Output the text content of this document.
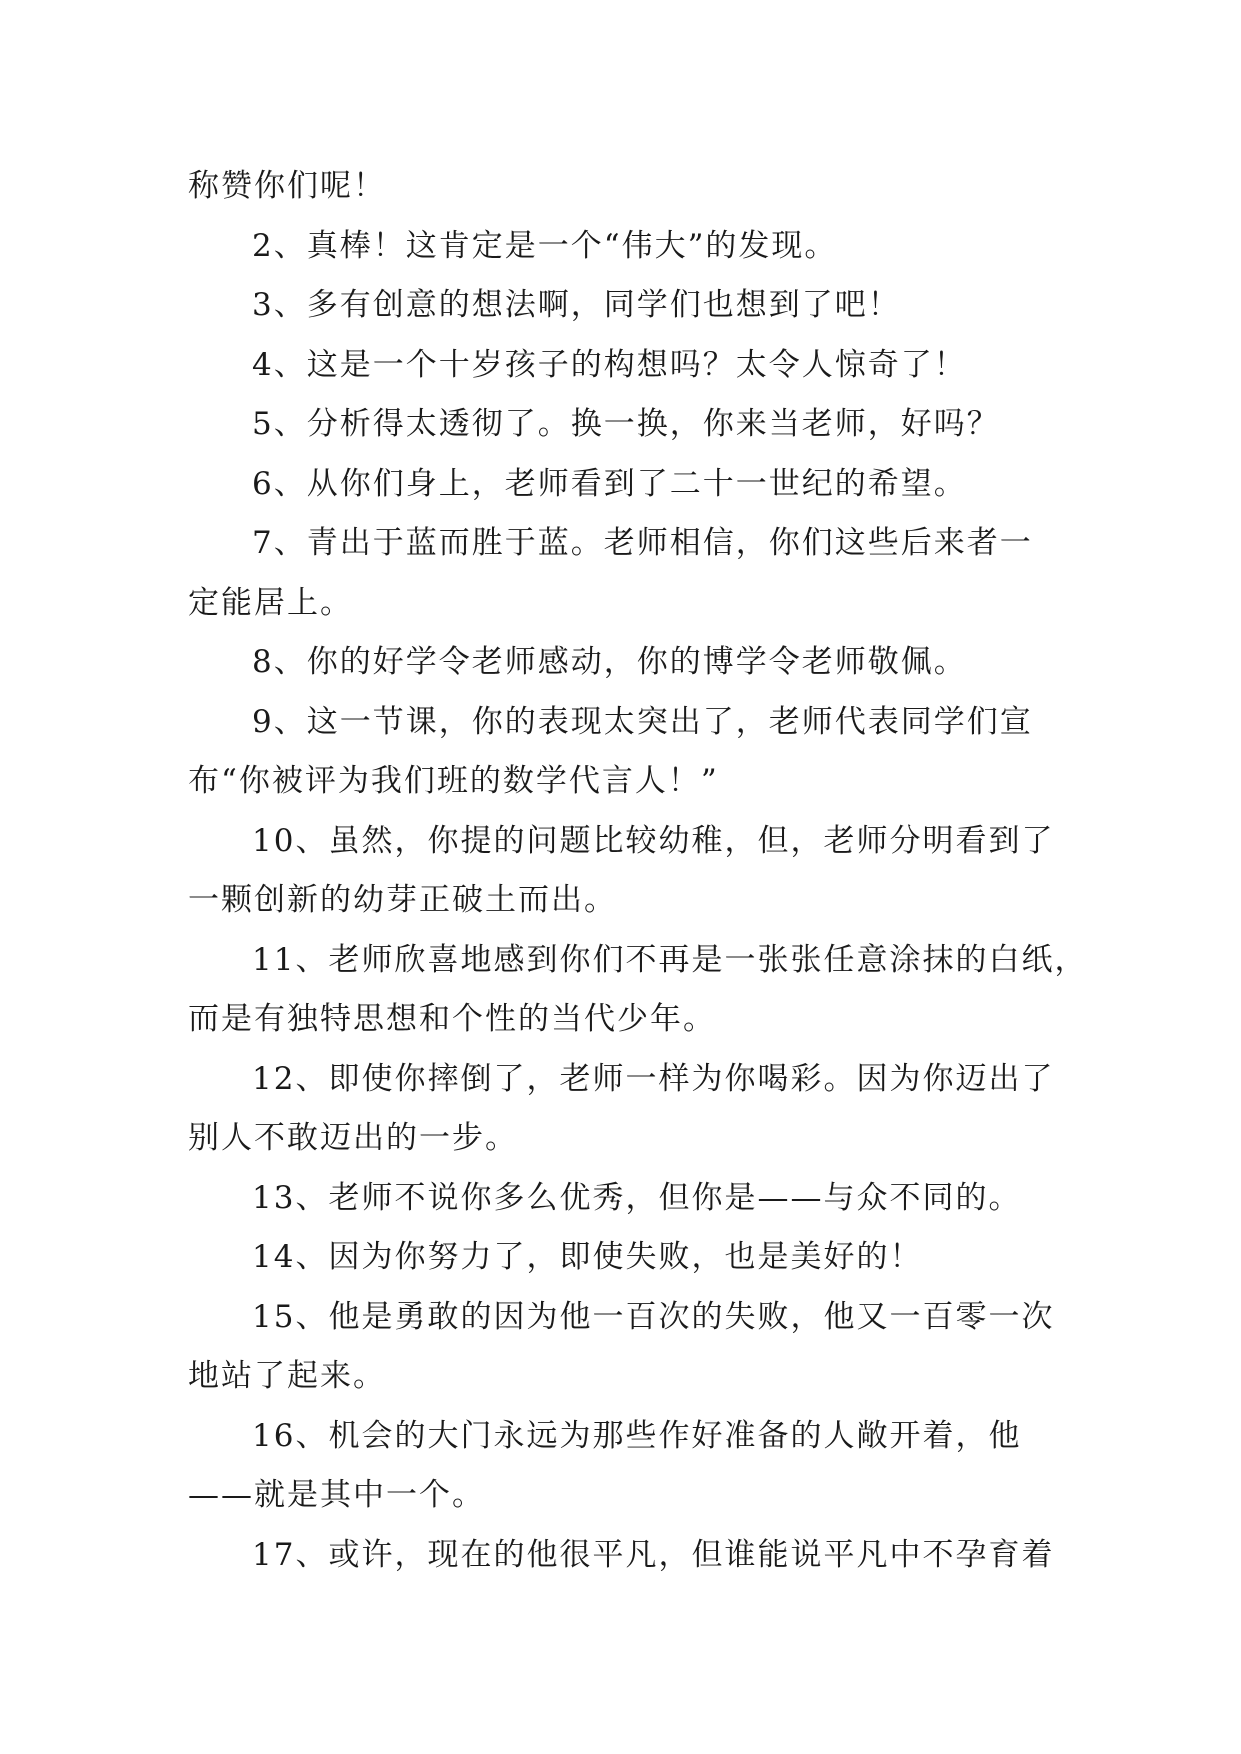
称赞你们呢！
2、真棒！这肯定是一个“伟大”的发现。
3、多有创意的想法啊，同学们也想到了吧！
4、这是一个十岁孩子的构想吗？太令人惊奇了！
5、分析得太透彻了。换一换，你来当老师，好吗？
6、从你们身上，老师看到了二十一世纪的希望。
7、青出于蓝而胜于蓝。老师相信，你们这些后来者一
定能居上。
8、你的好学令老师感动，你的博学令老师敬佩。
9、这一节课，你的表现太突出了，老师代表同学们宣
布“你被评为我们班的数学代言人！”
10、虽然，你提的问题比较幼稚，但，老师分明看到了
一颗创新的幼芽正破土而出。
11、老师欣喜地感到你们不再是一张张任意涂抹的白纸，
而是有独特思想和个性的当代少年。
12、即使你摔倒了，老师一样为你喝彩。因为你迈出了
别人不敢迈出的一步。
13、老师不说你多么优秀，但你是——与众不同的。
14、因为你努力了，即使失败，也是美好的！
15、他是勇敢的因为他一百次的失败，他又一百零一次
地站了起来。
16、机会的大门永远为那些作好准备的人敞开着，他
——就是其中一个。
17、或许，现在的他很平凡，但谁能说平凡中不孕育着
